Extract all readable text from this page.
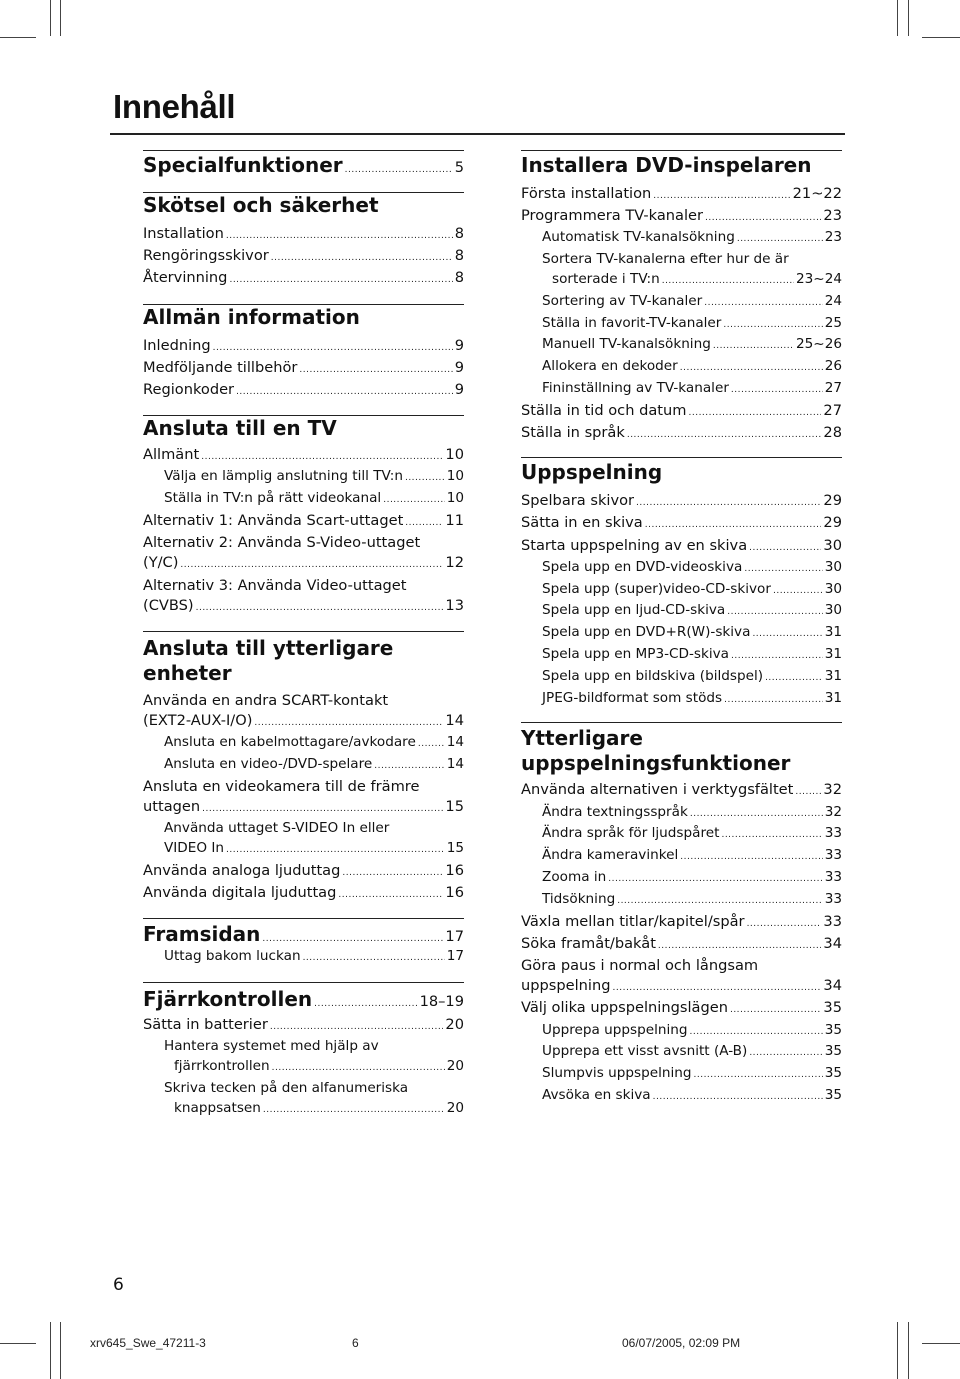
Innehåll
Specialfunktioner .....	5
Skötsel och säkerhet
Installation .....	8
Rengöringsskivor .....	8
Återvinning .....	8
Allmän information
Inledning .....	9
Medföljande tillbehör .....	9
Regionkoder .....	9
Ansluta till en TV
Allmänt .....	10
Välja en lämplig anslutning till TV:n .....	10
Ställa in TV:n på rätt videokanal .....	10
Alternativ 1: Använda Scart-uttaget .....	11
Alternativ 2: Använda S-Video-uttaget
(Y/C) .....	12
Alternativ 3: Använda Video-uttaget
(CVBS) .....	13
Ansluta till ytterligare enheter
Använda en andra SCART-kontakt
(EXT2-AUX-I/O) .....	14
Ansluta en kabelmottagare/avkodare ..... 14
Ansluta en video-/DVD-spelare .....	14
Ansluta en videokamera till de främre
uttagen .....	15
Använda uttaget S-VIDEO In eller
VIDEO In .....	15
Använda analoga ljuduttag .....	16
Använda digitala ljuduttag .....	16
Framsidan .....	17
Uttag bakom luckan .....	17
Fjärrkontrollen .....	18–19
Sätta in batterier .....	20
Hantera systemet med hjälp av
fjärrkontrollen .....	20
Skriva tecken på den alfanumeriska
knappsatsen .....	20
Installera DVD-inspelaren
Första installation .....	21~22
Programmera TV-kanaler .....	23
Automatisk TV-kanalsökning .....	23
Sortera TV-kanalerna efter hur de är
sorterade i TV:n .....	23~24
Sortering av TV-kanaler .....	24
Ställa in favorit-TV-kanaler .....	25
Manuell TV-kanalsökning .....	25~26
Allokera en dekoder .....	26
Fininställning av TV-kanaler .....	27
Ställa in tid och datum .....	27
Ställa in språk .....	28
Uppspelning
Spelbara skivor .....	29
Sätta in en skiva .....	29
Starta uppspelning av en skiva .....	30
Spela upp en DVD-videoskiva .....	30
Spela upp (super)video-CD-skivor .....	30
Spela upp en ljud-CD-skiva .....	30
Spela upp en DVD+R(W)-skiva .....	31
Spela upp en MP3-CD-skiva .....	31
Spela upp en bildskiva (bildspel) .....	31
JPEG-bildformat som stöds .....	31
Ytterligare
uppspelningsfunktioner
Använda alternativen i verktygsfältet ..... 32
Ändra textningsspråk .....	32
Ändra språk för ljudspåret .....	33
Ändra kameravinkel .....	33
Zooma in .....	33
Tidsökning .....	33
Växla mellan titlar/kapitel/spår .....	33
Söka framåt/bakåt .....	34
Göra paus i normal och långsam
uppspelning .....	34
Välj olika uppspelningslägen .....	35
Upprepa uppspelning .....	35
Upprepa ett visst avsnitt (A-B) .....	35
Slumpvis uppspelning .....	35
Avsöka en skiva .....	35
6
xrv645_Swe_47211-3	6	06/07/2005, 02:09 PM
